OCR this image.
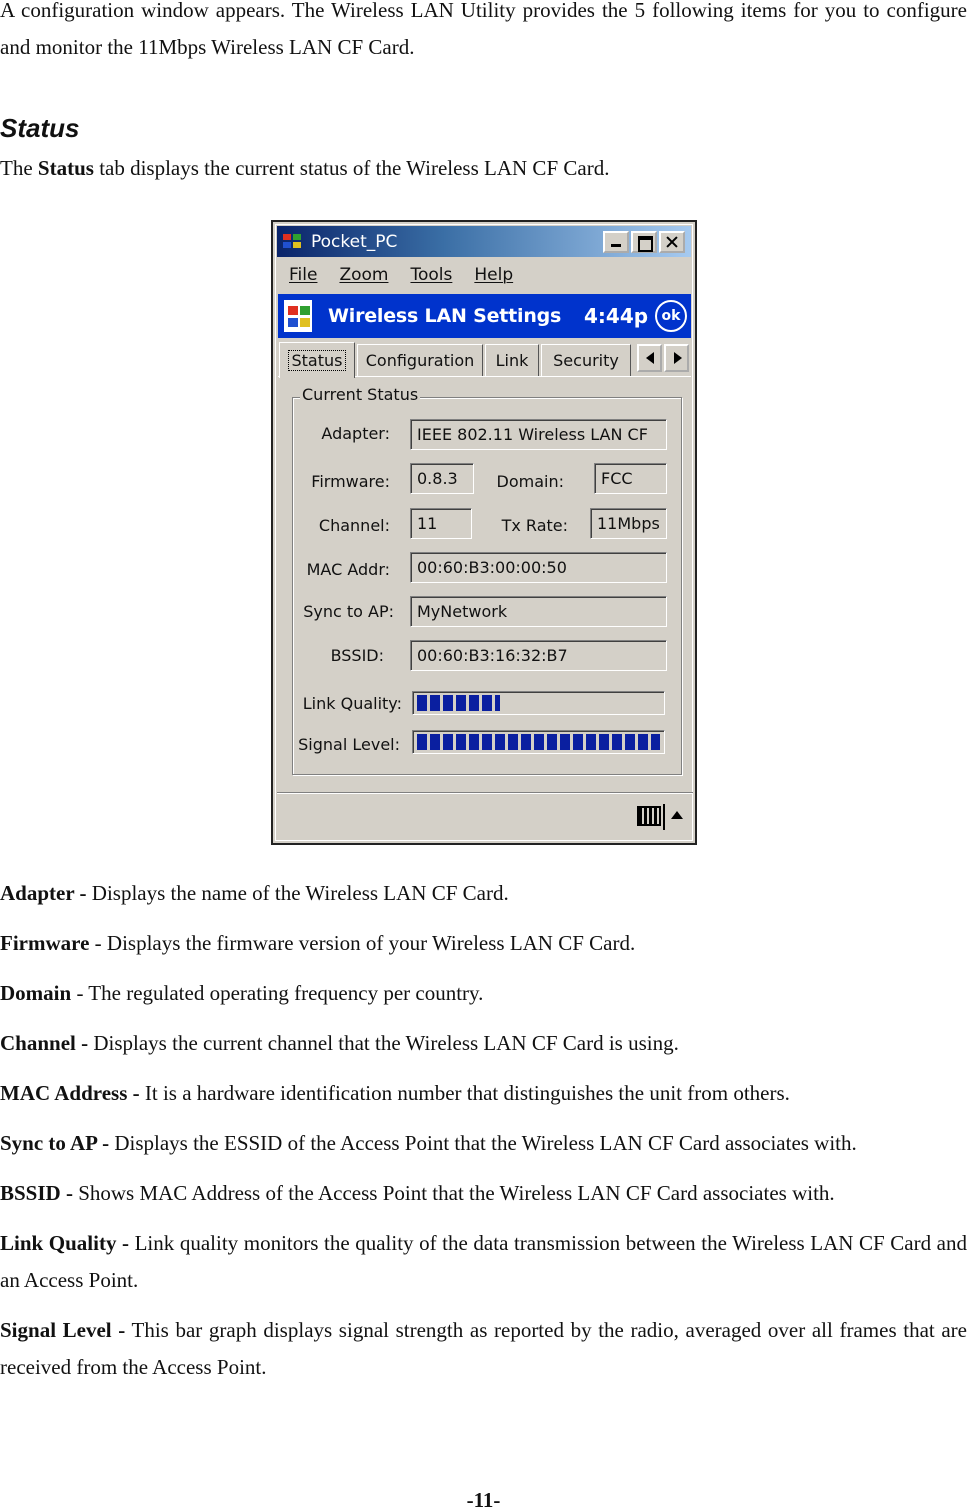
A configuration window appears. The Wireless LAN Utility provides the 5 following items for you to configure and monitor the 11Mbps Wireless LAN CF Card.

Status

The Status tab displays the current status of the Wireless LAN CF Card.

Pocket_PC
File Zoom Tools Help
Wireless LAN Settings 4:44p ok
Status	Configuration	Link	Security
Current Status
Adapter:	IEEE 802.11 Wireless LAN CF
Firmware:	0.8.3	Domain:	FCC
Channel:	11	Tx Rate:	11Mbps
MAC Addr:	00:60:B3:00:00:50
Sync to AP:	MyNetwork
BSSID:	00:60:B3:16:32:B7
Link Quality:
Signal Level:

Adapter - Displays the name of the Wireless LAN CF Card.

Firmware - Displays the firmware version of your Wireless LAN CF Card.

Domain - The regulated operating frequency per country.

Channel - Displays the current channel that the Wireless LAN CF Card is using.

MAC Address - It is a hardware identification number that distinguishes the unit from others.

Sync to AP - Displays the ESSID of the Access Point that the Wireless LAN CF Card associates with.

BSSID - Shows MAC Address of the Access Point that the Wireless LAN CF Card associates with.

Link Quality - Link quality monitors the quality of the data transmission between the Wireless LAN CF Card and an Access Point.

Signal Level - This bar graph displays signal strength as reported by the radio, averaged over all frames that are received from the Access Point.

-11-
